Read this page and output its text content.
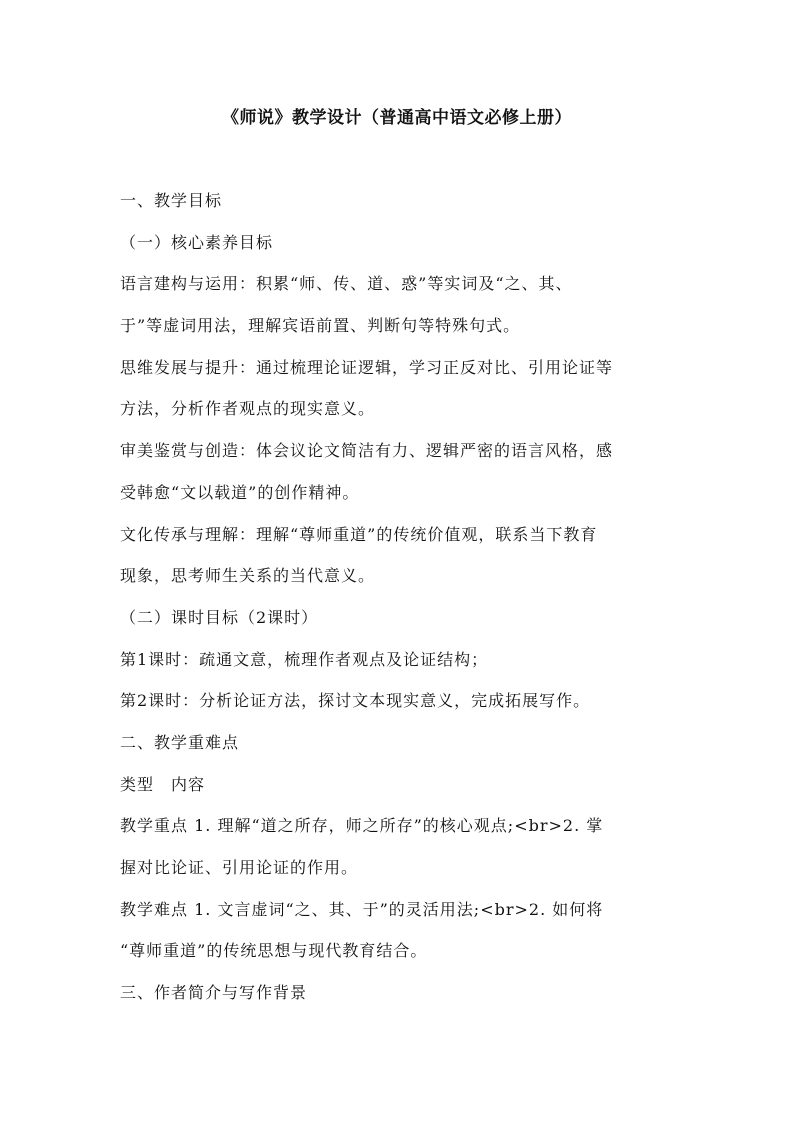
《师说》教学设计（普通高中语文必修上册）
一、教学目标
（一）核心素养目标
语言建构与运用：积累“师、传、道、惑”等实词及“之、其、
于”等虚词用法，理解宾语前置、判断句等特殊句式。
思维发展与提升：通过梳理论证逻辑，学习正反对比、引用论证等
方法，分析作者观点的现实意义。
审美鉴赏与创造：体会议论文简洁有力、逻辑严密的语言风格，感
受韩愈“文以载道”的创作精神。
文化传承与理解：理解“尊师重道”的传统价值观，联系当下教育
现象，思考师生关系的当代意义。
（二）课时目标（2课时）
第1课时：疏通文意，梳理作者观点及论证结构；
第2课时：分析论证方法，探讨文本现实意义，完成拓展写作。
二、教学重难点
类型　内容
教学重点 1. 理解“道之所存，师之所存”的核心观点;<br>2. 掌
握对比论证、引用论证的作用。
教学难点 1. 文言虚词“之、其、于”的灵活用法;<br>2. 如何将
“尊师重道”的传统思想与现代教育结合。
三、作者简介与写作背景
